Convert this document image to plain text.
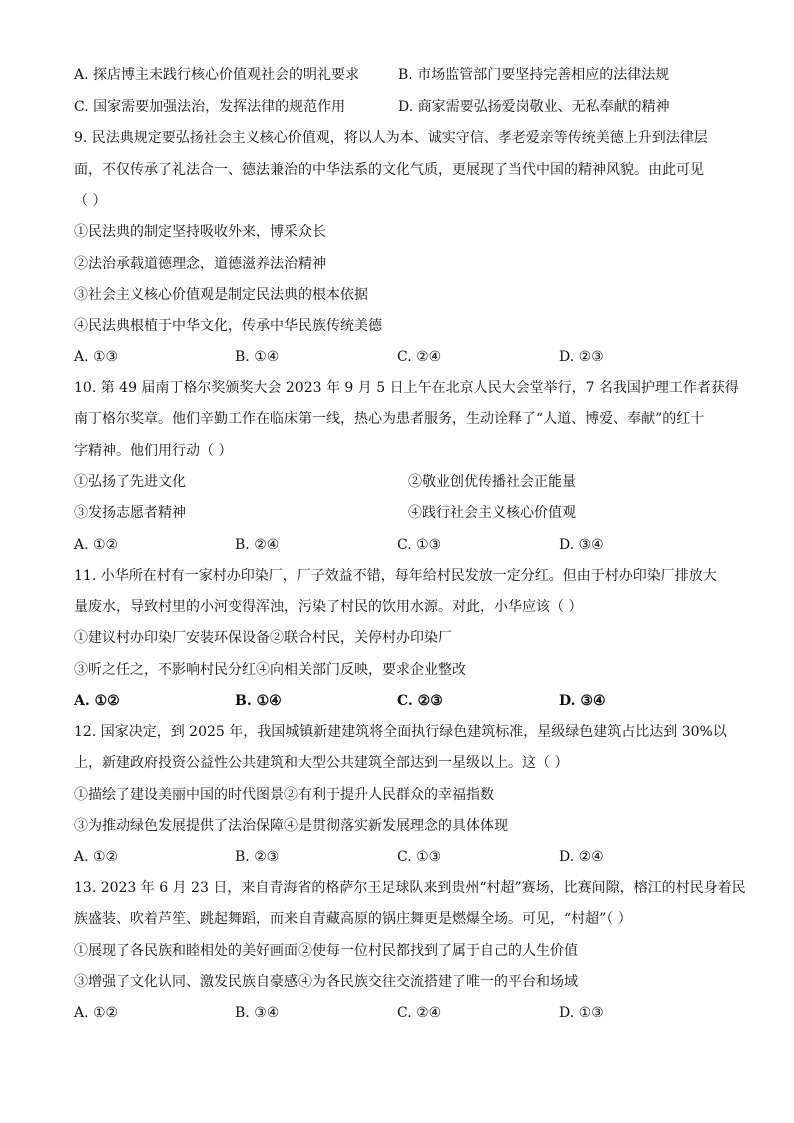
A. 探店博主未践行核心价值观社会的明礼要求	B. 市场监管部门要坚持完善相应的法律法规
C. 国家需要加强法治，发挥法律的规范作用	D. 商家需要弘扬爱岗敬业、无私奉献的精神
9. 民法典规定要弘扬社会主义核心价值观，将以人为本、诚实守信、孝老爱亲等传统美德上升到法律层
面，不仅传承了礼法合一、德法兼治的中华法系的文化气质，更展现了当代中国的精神风貌。由此可见
（ ）
①民法典的制定坚持吸收外来，博采众长
②法治承载道德理念，道德滋养法治精神
③社会主义核心价值观是制定民法典的根本依据
④民法典根植于中华文化，传承中华民族传统美德
A. ①③	B. ①④	C. ②④	D. ②③
10. 第 49 届南丁格尔奖颁奖大会 2023 年 9 月 5 日上午在北京人民大会堂举行，7 名我国护理工作者获得
南丁格尔奖章。他们辛勤工作在临床第一线，热心为患者服务，生动诠释了“人道、博爱、奉献”的红十
字精神。他们用行动（ ）
①弘扬了先进文化	②敬业创优传播社会正能量
③发扬志愿者精神	④践行社会主义核心价值观
A. ①②	B. ②④	C. ①③	D. ③④
11. 小华所在村有一家村办印染厂，厂子效益不错，每年给村民发放一定分红。但由于村办印染厂排放大
量废水，导致村里的小河变得浑浊，污染了村民的饮用水源。对此，小华应该（ ）
①建议村办印染厂安装环保设备②联合村民，关停村办印染厂
③听之任之，不影响村民分红④向相关部门反映，要求企业整改
A. ①②	B. ①④	C. ②③	D. ③④
12. 国家决定，到 2025 年，我国城镇新建建筑将全面执行绿色建筑标准，星级绿色建筑占比达到 30%以
上，新建政府投资公益性公共建筑和大型公共建筑全部达到一星级以上。这（ ）
①描绘了建设美丽中国的时代图景②有利于提升人民群众的幸福指数
③为推动绿色发展提供了法治保障④是贯彻落实新发展理念的具体体现
A. ①②	B. ②③	C. ①③	D. ②④
13. 2023 年 6 月 23 日，来自青海省的格萨尔王足球队来到贵州“村超”赛场，比赛间隙，榕江的村民身着民
族盛装、吹着芦笙、跳起舞蹈，而来自青藏高原的锅庄舞更是燃爆全场。可见，“村超”（ ）
①展现了各民族和睦相处的美好画面②使每一位村民都找到了属于自己的人生价值
③增强了文化认同、激发民族自豪感④为各民族交往交流搭建了唯一的平台和场域
A. ①②	B. ③④	C. ②④	D. ①③
